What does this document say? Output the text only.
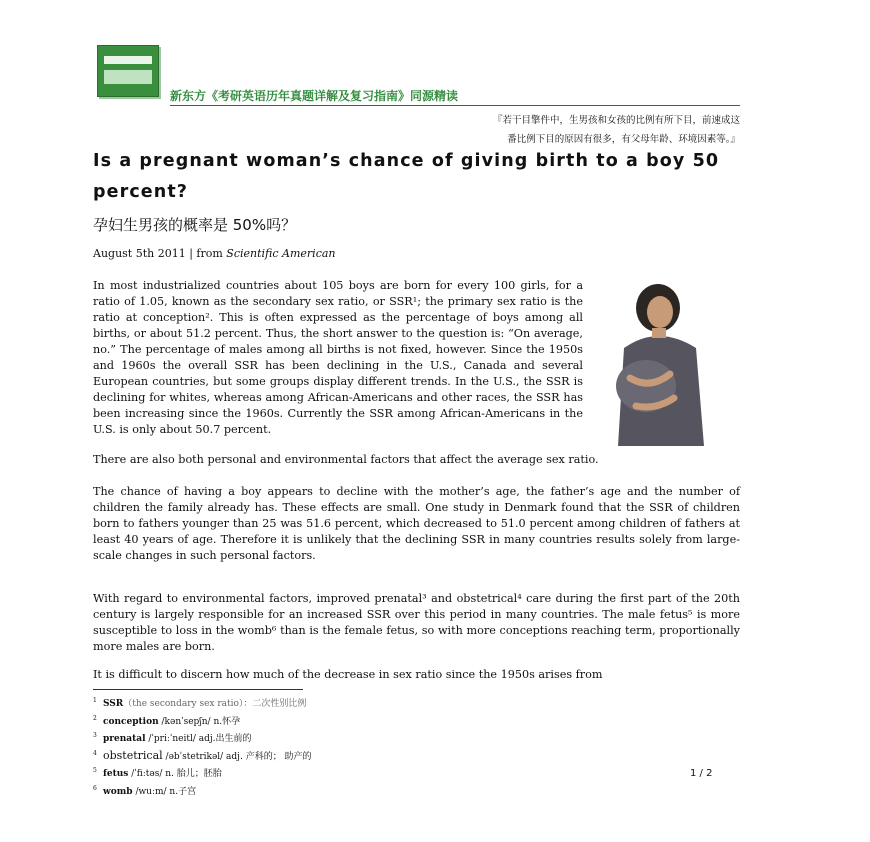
新东方《考研英语历年真题详解及复习指南》同源精读
『若干目擎件中，生男孩和女孩的比例有所下目，前速成这
番比例下目的原因有很多，有父母年龄、环境因素等。』
Is a pregnant woman’s chance of giving birth to a boy 50 percent?
孕妇生男孩的概率是 50%吗？
August 5th 2011 | from Scientific American
In most industrialized countries about 105 boys are born for every 100 girls, for a ratio of 1.05, known as the secondary sex ratio, or SSR¹; the primary sex ratio is the ratio at conception². This is often expressed as the percentage of boys among all births, or about 51.2 percent. Thus, the short answer to the question is: “On average, no.” The percentage of males among all births is not fixed, however. Since the 1950s and 1960s the overall SSR has been declining in the U.S., Canada and several European countries, but some groups display different trends. In the U.S., the SSR is declining for whites, whereas among African-Americans and other races, the SSR has been increasing since the 1960s. Currently the SSR among African-Americans in the U.S. is only about 50.7 percent.
There are also both personal and environmental factors that affect the average sex ratio.
The chance of having a boy appears to decline with the mother’s age, the father’s age and the number of children the family already has. These effects are small. One study in Denmark found that the SSR of children born to fathers younger than 25 was 51.6 percent, which decreased to 51.0 percent among children of fathers at least 40 years of age. Therefore it is unlikely that the declining SSR in many countries results solely from large-scale changes in such personal factors.
With regard to environmental factors, improved prenatal³ and obstetrical⁴ care during the first part of the 20th century is largely responsible for an increased SSR over this period in many countries. The male fetus⁵ is more susceptible to loss in the womb⁶ than is the female fetus, so with more conceptions reaching term, proportionally more males are born.
It is difficult to discern how much of the decrease in sex ratio since the 1950s arises from
$^1$ SSR（the secondary sex ratio）：二次性别比例
$^2$ conception /kənˈsepʃn/ n.怀孕
$^3$ prenatal /ˈpriːˈneitl/ adj.出生前的
$^4$ obstetrical /əbˈstetrikəl/ adj. 产科的； 助产的
$^5$ fetus /ˈfiːtəs/ n. 胎儿；胚胎
$^6$ womb /wuːm/ n.子宫
1 / 2
